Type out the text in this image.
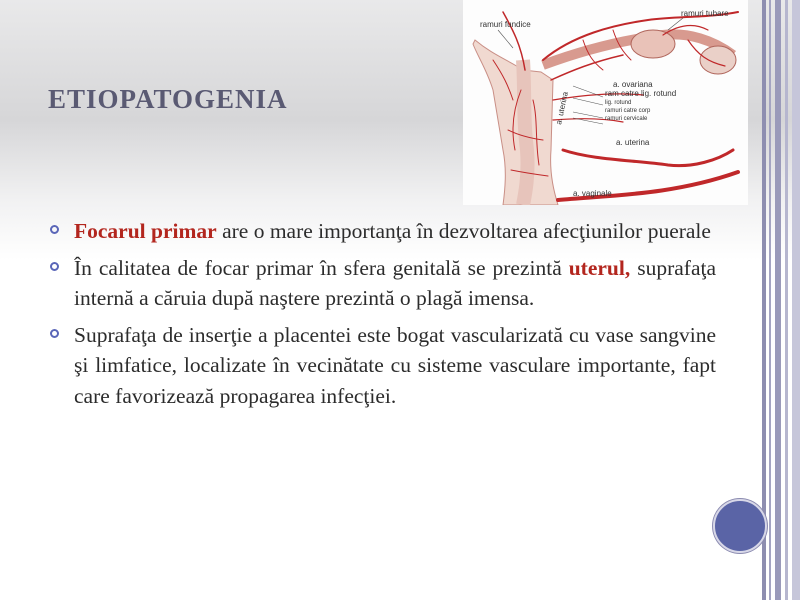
ETIOPATOGENIA
ramuri fundice
ramuri tubare
a. ovariana
ram catre lig. rotund
lig. rotund
ramuri catre corp
ramuri cervicale
a. uterina
a. uterina
a. vaginale
Focarul primar are o mare importanţa în dezvoltarea afecţiunilor puerale
În calitatea de focar primar în sfera genitală se prezintă uterul, suprafaţa internă a căruia după naştere prezintă o plagă imensa.
Suprafaţa de inserţie a placentei este bogat vascularizată cu vase sangvine şi limfatice, localizate în vecinătate cu sisteme vasculare importante, fapt care favorizează propagarea infecţiei.
